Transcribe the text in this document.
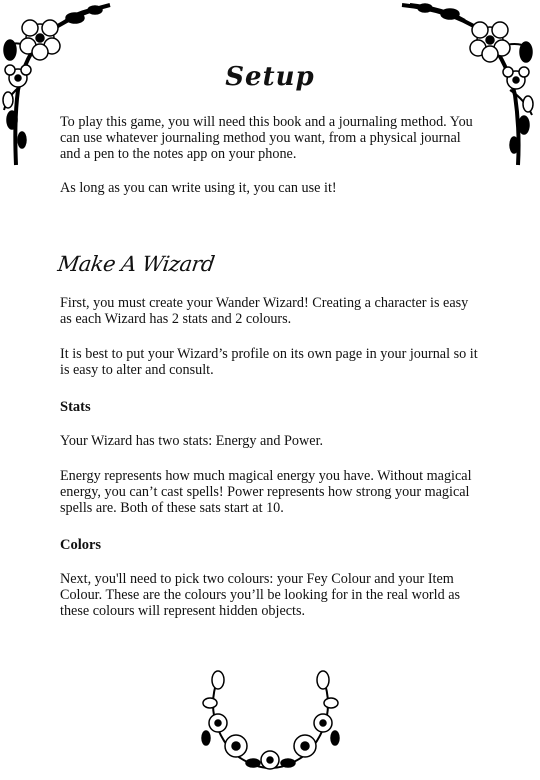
Setup
To play this game, you will need this book and a journaling method. You can use whatever journaling method you want, from a physical journal and a pen to the notes app on your phone.
As long as you can write using it, you can use it!
Make A Wizard
First, you must create your Wander Wizard! Creating a character is easy as each Wizard has 2 stats and 2 colours.
It is best to put your Wizard’s profile on its own page in your journal so it is easy to alter and consult.
Stats
Your Wizard has two stats: Energy and Power.
Energy represents how much magical energy you have. Without magical energy, you can’t cast spells! Power represents how strong your magical spells are. Both of these sats start at 10.
Colors
Next, you'll need to pick two colours: your Fey Colour and your Item Colour. These are the colours you’ll be looking for in the real world as these colours will represent hidden objects.
